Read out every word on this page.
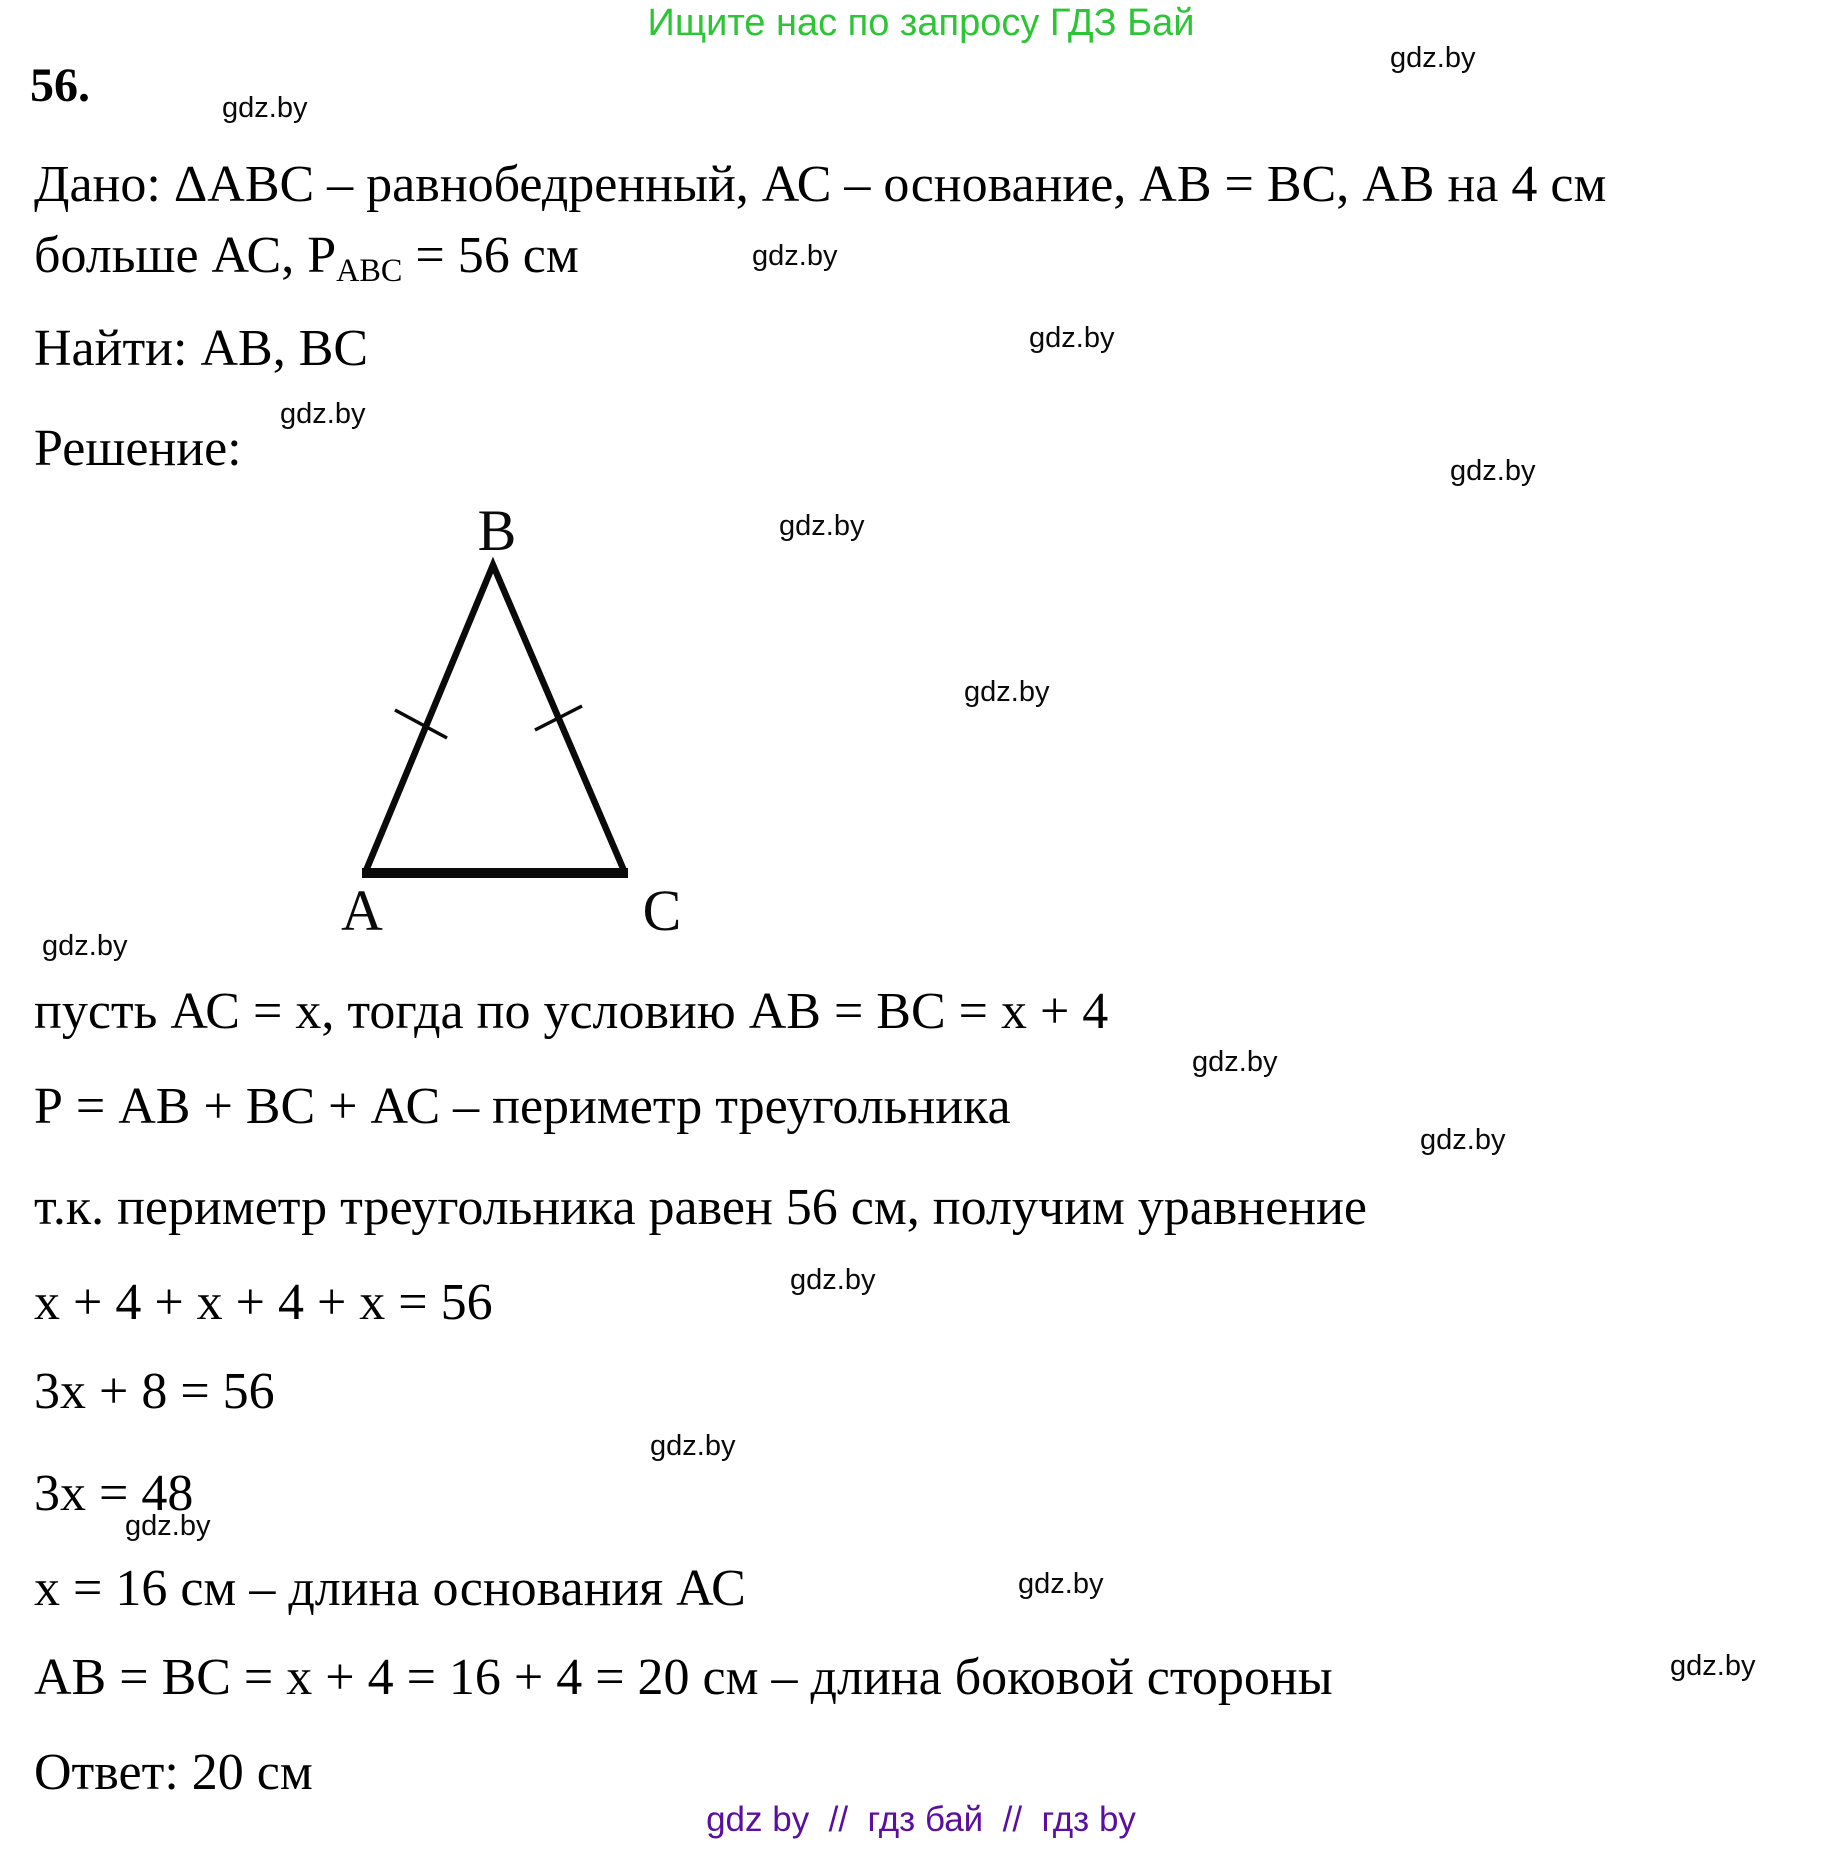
Ищите нас по запросу ГДЗ Бай
gdz.by
gdz.by
gdz.by
gdz.by
gdz.by
gdz.by
gdz.by
gdz.by
gdz.by
gdz.by
gdz.by
gdz.by
gdz.by
gdz.by
gdz.by
gdz.by
56.
Дано: ΔАВС – равнобедренный, АС – основание, АВ = ВС, АВ на 4 см
больше АС, $Р_{АВС} = 56$ см
Найти: АВ, ВС
Решение:
В
А	С
пусть АС = х, тогда по условию АВ = ВС = х + 4
Р = АВ + ВС + АС – периметр треугольника
т.к. периметр треугольника равен 56 см, получим уравнение
х + 4 + х + 4 + х = 56
3х + 8 = 56
3х = 48
х = 16 см – длина основания АС
АВ = ВС = х + 4 = 16 + 4 = 20 см – длина боковой стороны
Ответ: 20 см
gdz by  //  гдз бай  //  гдз by
